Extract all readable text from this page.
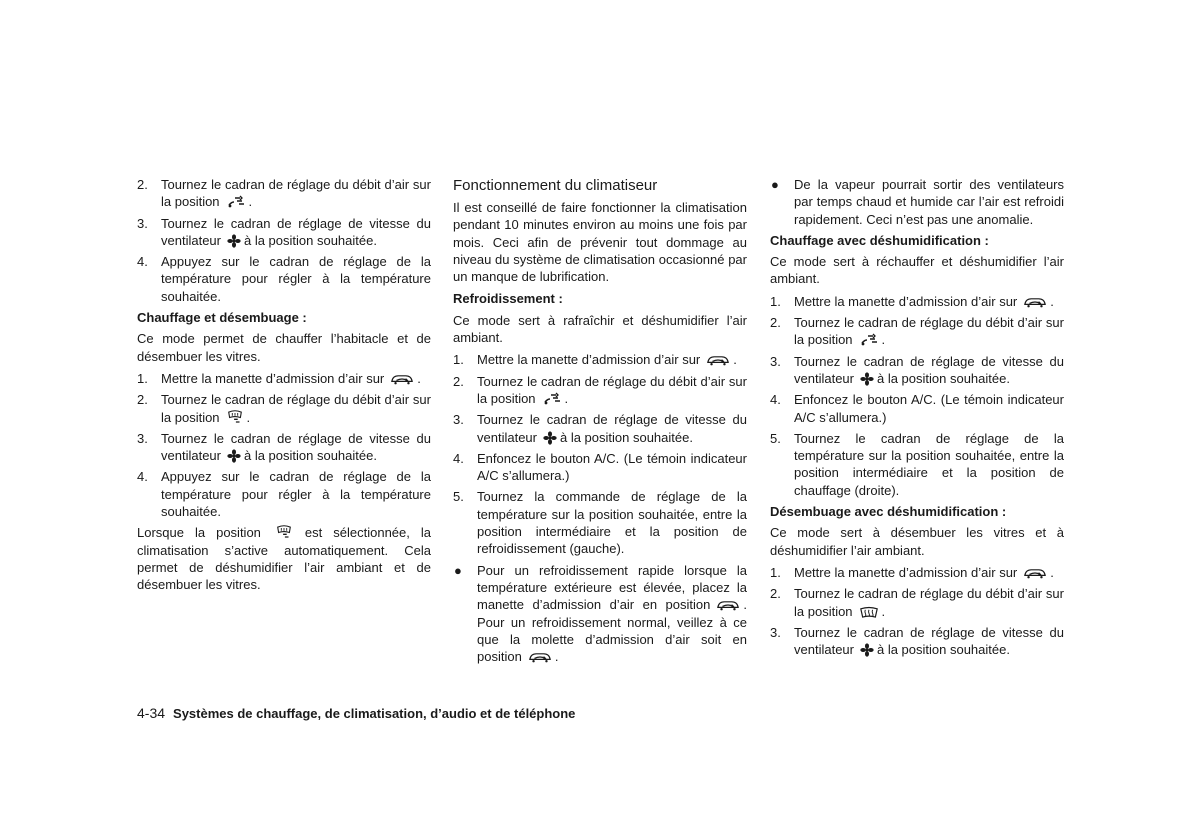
2. Tournez le cadran de réglage du débit d’air sur la position .
3. Tournez le cadran de réglage de vitesse du ventilateur à la position souhaitée.
4. Appuyez sur le cadran de réglage de la température pour régler à la température souhaitée.
Chauffage et désembuage :

Ce mode permet de chauffer l’habitacle et de désembuer les vitres.

1. Mettre la manette d’admission d’air sur	.
2. Tournez le cadran de réglage du débit d’air sur la position .
3. Tournez le cadran de réglage de vitesse du ventilateur à la position souhaitée.
4. Appuyez sur le cadran de réglage de la température pour régler à la température souhaitée.

Lorsque la position	est sélectionnée, la climatisation s’active automatiquement. Cela permet de déshumidifier l’air ambiant et de désembuer les vitres.

Fonctionnement du climatiseur

Il est conseillé de faire fonctionner la climatisation pendant 10 minutes environ au moins une fois par mois. Ceci afin de prévenir tout dommage au niveau du système de climatisation occasionné par un manque de lubrification.

Refroidissement :

Ce mode sert à rafraîchir et déshumidifier l’air ambiant.

1. Mettre la manette d’admission d’air sur	.
2. Tournez le cadran de réglage du débit d’air sur la position .
3. Tournez le cadran de réglage de vitesse du ventilateur à la position souhaitée.
4. Enfoncez le bouton A/C. (Le témoin indicateur A/C s’allumera.)
5. Tournez la commande de réglage de la température sur la position souhaitée, entre la position intermédiaire et la position de refroidissement (gauche).
● Pour un refroidissement rapide lorsque la température extérieure est élevée, placez la manette d’admission d’air en position	. Pour un refroidissement normal, veillez à ce que la molette d’admission d’air soit en position	.
● De la vapeur pourrait sortir des ventilateurs par temps chaud et humide car l’air est refroidi rapidement. Ceci n’est pas une anomalie.
Chauffage avec déshumidification :

Ce mode sert à réchauffer et déshumidifier l’air ambiant.

1. Mettre la manette d’admission d’air sur	.
2. Tournez le cadran de réglage du débit d’air sur la position .
3. Tournez le cadran de réglage de vitesse du ventilateur à la position souhaitée.
4. Enfoncez le bouton A/C. (Le témoin indicateur A/C s’allumera.)
5. Tournez le cadran de réglage de la température sur la position souhaitée, entre la position intermédiaire et la position de chauffage (droite).
Désembuage avec déshumidification :

Ce mode sert à désembuer les vitres et à déshumidifier l’air ambiant.

1. Mettre la manette d’admission d’air sur	.
2. Tournez le cadran de réglage du débit d’air sur la position .
3. Tournez le cadran de réglage de vitesse du ventilateur à la position souhaitée.
4-34 Systèmes de chauffage, de climatisation, d’audio et de téléphone
